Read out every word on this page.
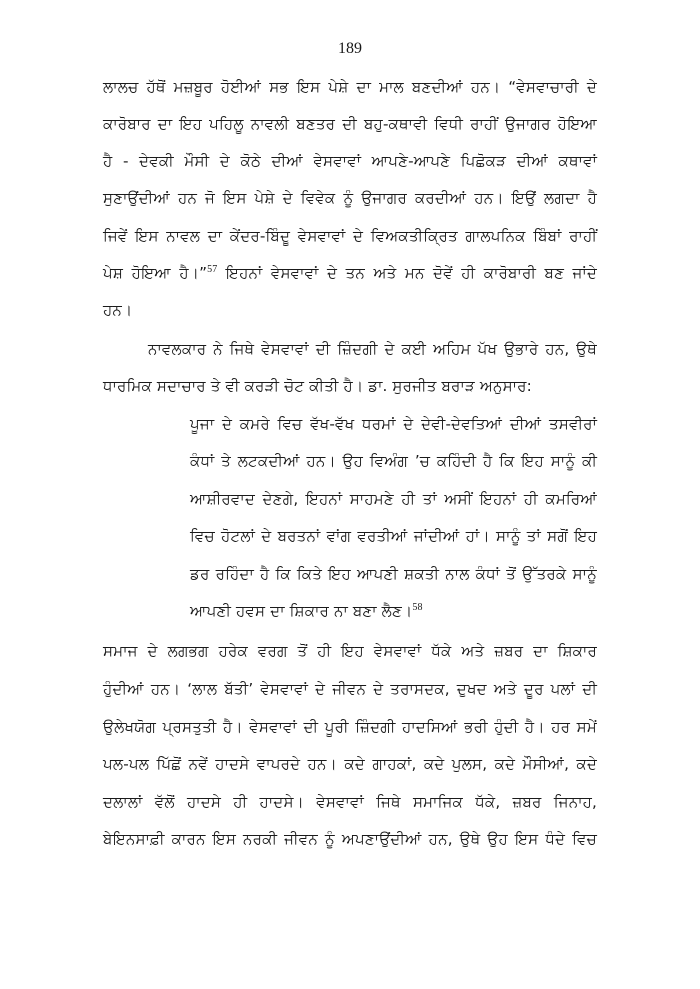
189
ਲਾਲਚ ਹੱਥੋਂ ਮਜ਼ਬੂਰ ਹੋਈਆਂ ਸਭ ਇਸ ਪੇਸ਼ੇ ਦਾ ਮਾਲ ਬਣਦੀਆਂ ਹਨ। “ਵੇਸਵਾਚਾਰੀ ਦੇ
ਕਾਰੋਬਾਰ ਦਾ ਇਹ ਪਹਿਲੂ ਨਾਵਲੀ ਬਣਤਰ ਦੀ ਬਹੁ-ਕਥਾਵੀ ਵਿਧੀ ਰਾਹੀਂ ਉਜਾਗਰ ਹੋਇਆ
ਹੈ - ਦੇਵਕੀ ਮੌਸੀ ਦੇ ਕੋਠੇ ਦੀਆਂ ਵੇਸਵਾਵਾਂ ਆਪਣੇ-ਆਪਣੇ ਪਿਛੋਕੜ ਦੀਆਂ ਕਥਾਵਾਂ
ਸੁਣਾਉਂਦੀਆਂ ਹਨ ਜੋ ਇਸ ਪੇਸ਼ੇ ਦੇ ਵਿਵੇਕ ਨੂੰ ਉਜਾਗਰ ਕਰਦੀਆਂ ਹਨ। ਇਉਂ ਲਗਦਾ ਹੈ
ਜਿਵੇਂ ਇਸ ਨਾਵਲ ਦਾ ਕੇਂਦਰ-ਬਿੰਦੂ ਵੇਸਵਾਵਾਂ ਦੇ ਵਿਅਕਤੀਕ੍ਰਿਤ ਗਾਲਪਨਿਕ ਬਿੰਬਾਂ ਰਾਹੀਂ
ਪੇਸ਼ ਹੋਇਆ ਹੈ।”$^{57}$ ਇਹਨਾਂ ਵੇਸਵਾਵਾਂ ਦੇ ਤਨ ਅਤੇ ਮਨ ਦੋਵੇਂ ਹੀ ਕਾਰੋਬਾਰੀ ਬਣ ਜਾਂਦੇ
ਹਨ।
ਨਾਵਲਕਾਰ ਨੇ ਜਿਥੇ ਵੇਸਵਾਵਾਂ ਦੀ ਜ਼ਿੰਦਗੀ ਦੇ ਕਈ ਅਹਿਮ ਪੱਖ ਉਭਾਰੇ ਹਨ, ਉਥੇ
ਧਾਰਮਿਕ ਸਦਾਚਾਰ ਤੇ ਵੀ ਕਰੜੀ ਚੋਟ ਕੀਤੀ ਹੈ। ਡਾ. ਸੁਰਜੀਤ ਬਰਾੜ ਅਨੁਸਾਰ:
ਪੂਜਾ ਦੇ ਕਮਰੇ ਵਿਚ ਵੱਖ-ਵੱਖ ਧਰਮਾਂ ਦੇ ਦੇਵੀ-ਦੇਵਤਿਆਂ ਦੀਆਂ ਤਸਵੀਰਾਂ
ਕੰਧਾਂ ਤੇ ਲਟਕਦੀਆਂ ਹਨ। ਉਹ ਵਿਅੰਗ ’ਚ ਕਹਿੰਦੀ ਹੈ ਕਿ ਇਹ ਸਾਨੂੰ ਕੀ
ਆਸ਼ੀਰਵਾਦ ਦੇਣਗੇ, ਇਹਨਾਂ ਸਾਹਮਣੇ ਹੀ ਤਾਂ ਅਸੀਂ ਇਹਨਾਂ ਹੀ ਕਮਰਿਆਂ
ਵਿਚ ਹੋਟਲਾਂ ਦੇ ਬਰਤਨਾਂ ਵਾਂਗ ਵਰਤੀਆਂ ਜਾਂਦੀਆਂ ਹਾਂ। ਸਾਨੂੰ ਤਾਂ ਸਗੋਂ ਇਹ
ਡਰ ਰਹਿੰਦਾ ਹੈ ਕਿ ਕਿਤੇ ਇਹ ਆਪਣੀ ਸ਼ਕਤੀ ਨਾਲ ਕੰਧਾਂ ਤੋਂ ਉੱਤਰਕੇ ਸਾਨੂੰ
ਆਪਣੀ ਹਵਸ ਦਾ ਸ਼ਿਕਾਰ ਨਾ ਬਣਾ ਲੈਣ।$^{58}$
ਸਮਾਜ ਦੇ ਲਗਭਗ ਹਰੇਕ ਵਰਗ ਤੋਂ ਹੀ ਇਹ ਵੇਸਵਾਵਾਂ ਧੱਕੇ ਅਤੇ ਜ਼ਬਰ ਦਾ ਸ਼ਿਕਾਰ
ਹੁੰਦੀਆਂ ਹਨ। ‘ਲਾਲ ਬੱਤੀ’ ਵੇਸਵਾਵਾਂ ਦੇ ਜੀਵਨ ਦੇ ਤਰਾਸਦਕ, ਦੁਖਦ ਅਤੇ ਦੂਰ ਪਲਾਂ ਦੀ
ਉਲੇਖਯੋਗ ਪ੍ਰਸਤੁਤੀ ਹੈ। ਵੇਸਵਾਵਾਂ ਦੀ ਪੂਰੀ ਜ਼ਿੰਦਗੀ ਹਾਦਸਿਆਂ ਭਰੀ ਹੁੰਦੀ ਹੈ। ਹਰ ਸਮੇਂ
ਪਲ-ਪਲ ਪਿੱਛੋਂ ਨਵੇਂ ਹਾਦਸੇ ਵਾਪਰਦੇ ਹਨ। ਕਦੇ ਗਾਹਕਾਂ, ਕਦੇ ਪੁਲਸ, ਕਦੇ ਮੌਸੀਆਂ, ਕਦੇ
ਦਲਾਲਾਂ ਵੱਲੋਂ ਹਾਦਸੇ ਹੀ ਹਾਦਸੇ। ਵੇਸਵਾਵਾਂ ਜਿਥੇ ਸਮਾਜਿਕ ਧੱਕੇ, ਜ਼ਬਰ ਜਿਨਾਹ,
ਬੇਇਨਸਾਫ਼ੀ ਕਾਰਨ ਇਸ ਨਰਕੀ ਜੀਵਨ ਨੂੰ ਅਪਣਾਉਂਦੀਆਂ ਹਨ, ਉਥੇ ਉਹ ਇਸ ਧੰਦੇ ਵਿਚ
